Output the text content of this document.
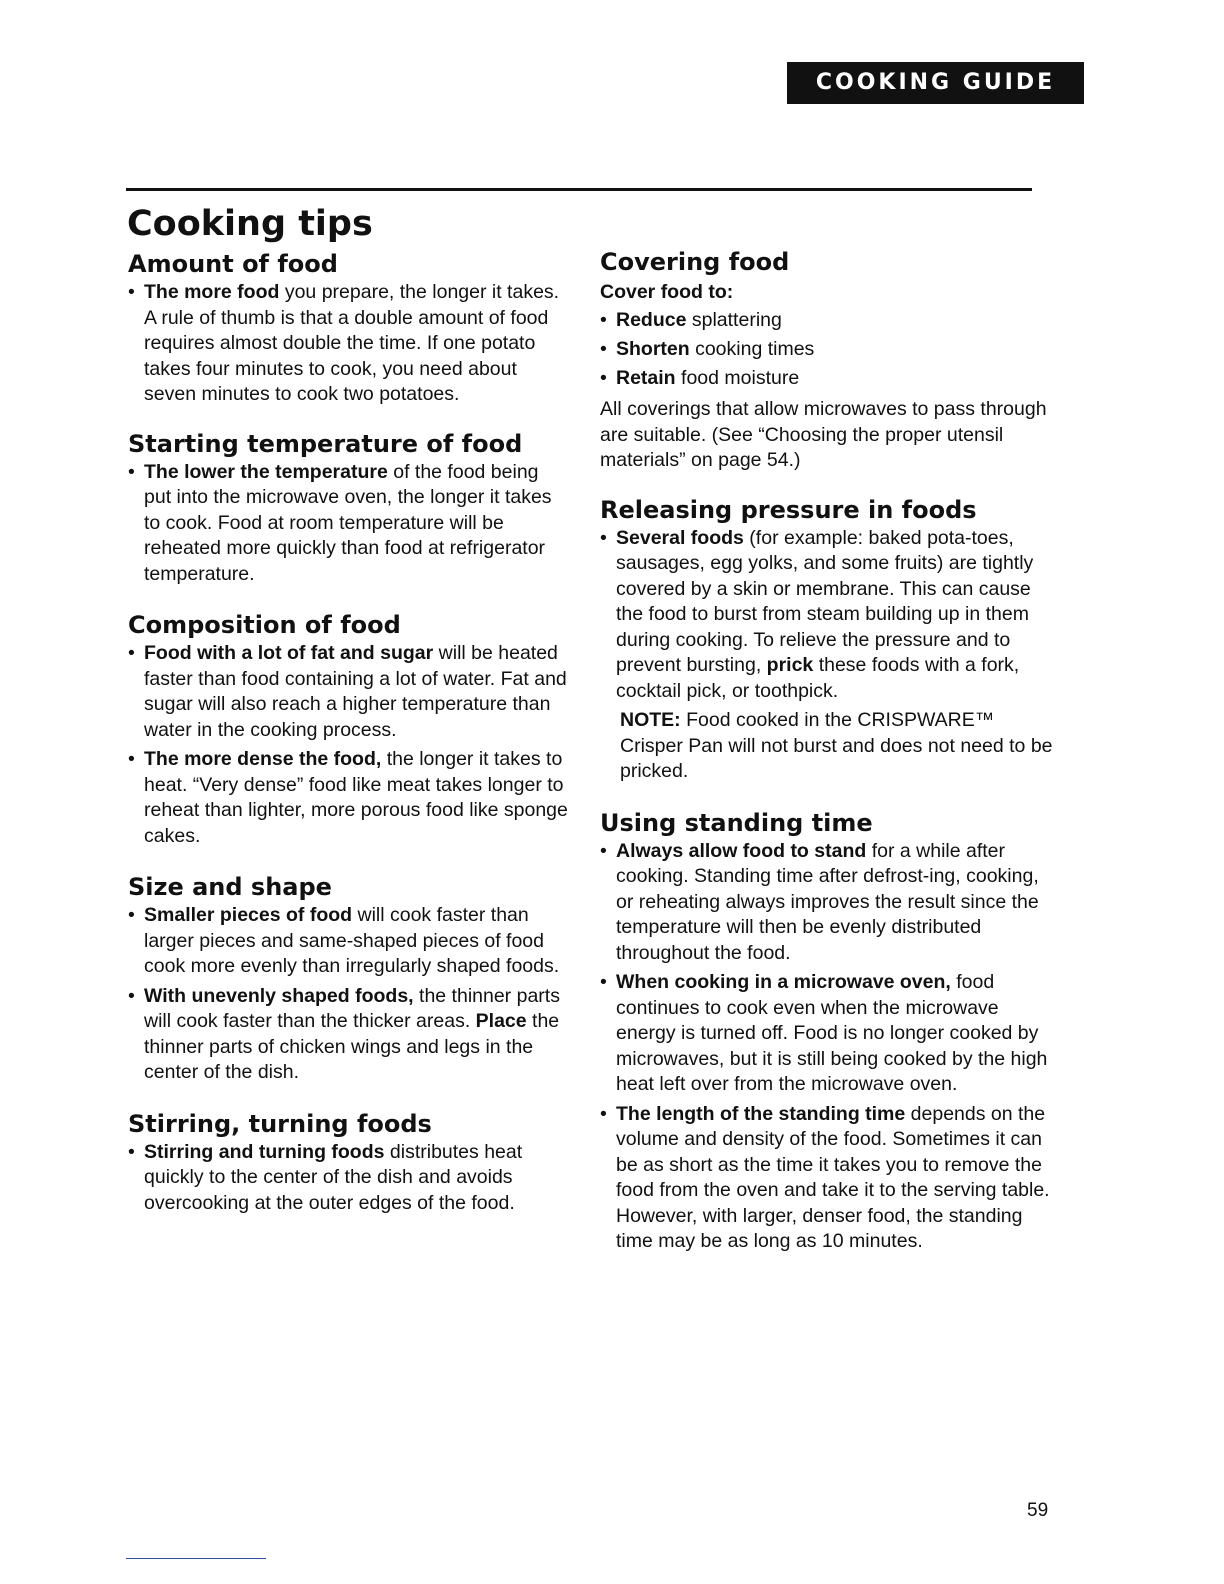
COOKING GUIDE
Cooking tips
Amount of food
• The more food you prepare, the longer it takes. A rule of thumb is that a double amount of food requires almost double the time. If one potato takes four minutes to cook, you need about seven minutes to cook two potatoes.
Starting temperature of food
• The lower the temperature of the food being put into the microwave oven, the longer it takes to cook. Food at room temperature will be reheated more quickly than food at refrigerator temperature.
Composition of food
• Food with a lot of fat and sugar will be heated faster than food containing a lot of water. Fat and sugar will also reach a higher temperature than water in the cooking process.
• The more dense the food, the longer it takes to heat. “Very dense” food like meat takes longer to reheat than lighter, more porous food like sponge cakes.
Size and shape
• Smaller pieces of food will cook faster than larger pieces and same-shaped pieces of food cook more evenly than irregularly shaped foods.
• With unevenly shaped foods, the thinner parts will cook faster than the thicker areas. Place the thinner parts of chicken wings and legs in the center of the dish.
Stirring, turning foods
• Stirring and turning foods distributes heat quickly to the center of the dish and avoids overcooking at the outer edges of the food.
Covering food

Cover food to:

• Reduce splattering
• Shorten cooking times
• Retain food moisture

All coverings that allow microwaves to pass through are suitable. (See “Choosing the proper utensil materials” on page 54.)

Releasing pressure in foods
• Several foods (for example: baked pota-toes, sausages, egg yolks, and some fruits) are tightly covered by a skin or membrane. This can cause the food to burst from steam building up in them during cooking. To relieve the pressure and to prevent bursting, prick these foods with a fork, cocktail pick, or toothpick.

NOTE: Food cooked in the CRISPWARE™ Crisper Pan will not burst and does not need to be pricked.

Using standing time
• Always allow food to stand for a while after cooking. Standing time after defrost-ing, cooking, or reheating always improves the result since the temperature will then be evenly distributed throughout the food.
• When cooking in a microwave oven, food continues to cook even when the microwave energy is turned off. Food is no longer cooked by microwaves, but it is still being cooked by the high heat left over from the microwave oven.
• The length of the standing time depends on the volume and density of the food. Sometimes it can be as short as the time it takes you to remove the food from the oven and take it to the serving table. However, with larger, denser food, the standing time may be as long as 10 minutes.
59
